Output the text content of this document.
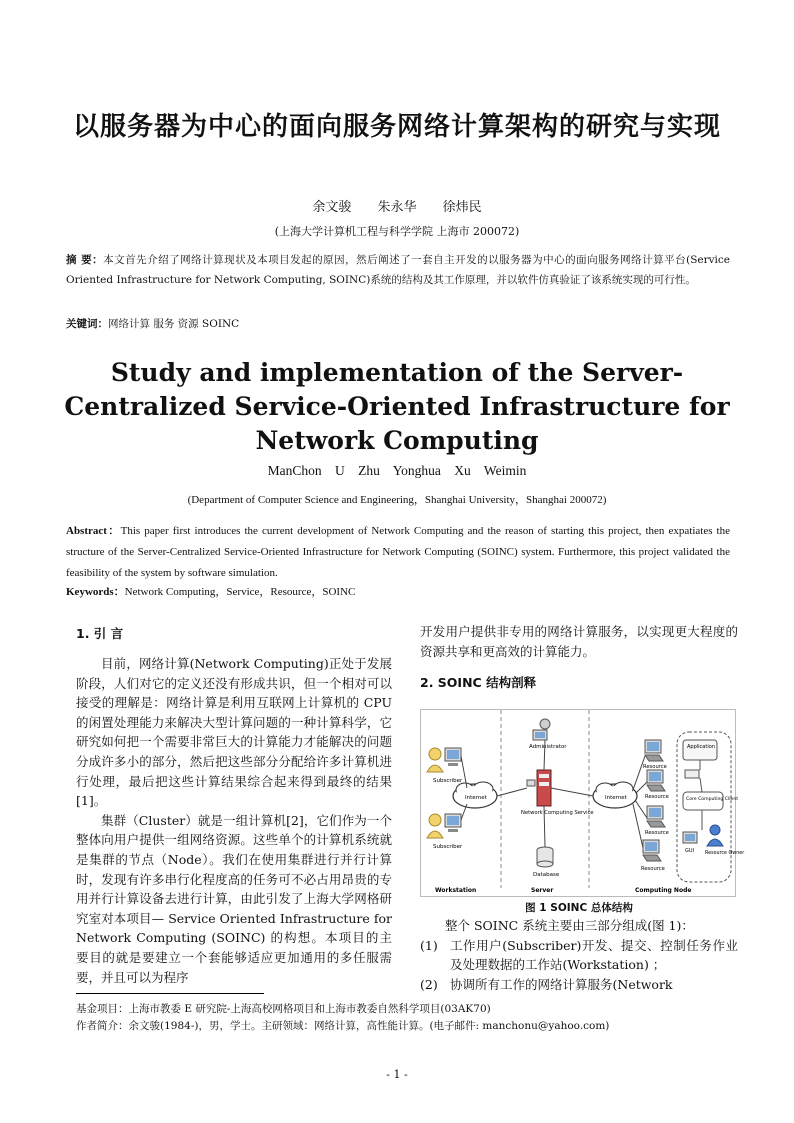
以服务器为中心的面向服务网络计算架构的研究与实现
余文骏 朱永华 徐炜民
(上海大学计算机工程与科学学院 上海市 200072)
摘 要：本文首先介绍了网络计算现状及本项目发起的原因，然后阐述了一套自主开发的以服务器为中心的面向服务网络计算平台(Service Oriented Infrastructure for Network Computing, SOINC)系统的结构及其工作原理，并以软件仿真验证了该系统实现的可行性。
关键词：网络计算 服务 资源 SOINC
Study and implementation of the Server-Centralized Service-Oriented Infrastructure for Network Computing
ManChon U Zhu Yonghua Xu Weimin
(Department of Computer Science and Engineering，Shanghai University，Shanghai 200072)
Abstract：This paper first introduces the current development of Network Computing and the reason of starting this project, then expatiates the structure of the Server-Centralized Service-Oriented Infrastructure for Network Computing (SOINC) system. Furthermore, this project validated the feasibility of the system by software simulation.
Keywords：Network Computing，Service，Resource，SOINC
1. 引 言

目前，网络计算(Network Computing)正处于发展阶段，人们对它的定义还没有形成共识，但一个相对可以接受的理解是：网络计算是利用互联网上计算机的 CPU 的闲置处理能力来解决大型计算问题的一种计算科学，它研究如何把一个需要非常巨大的计算能力才能解决的问题分成许多小的部分，然后把这些部分分配给许多计算机进行处理，最后把这些计算结果综合起来得到最终的结果[1]。

集群（Cluster）就是一组计算机[2]，它们作为一个整体向用户提供一组网络资源。这些单个的计算机系统就是集群的节点（Node）。我们在使用集群进行并行计算时，发现有许多串行化程度高的任务可不必占用昂贵的专用并行计算设备去进行计算，由此引发了上海大学网格研究室对本项目— Service Oriented Infrastructure for Network Computing (SOINC) 的构想。本项目的主要目的就是要建立一个套能够适应更加通用的多任服需要，并且可以为程序

开发用户提供非专用的网络计算服务，以实现更大程度的资源共享和更高效的计算能力。

2. SOINC 结构剖释
Subscriber
Subscriber
Internet
Administrator
Network Computing Service
Database
Internet
Resource
Resource
Resource
Resource
Application
Core Computing Client
GUI Resource Owner
Workstation	Server	Computing Node
图 1 SOINC 总体结构

整个 SOINC 系统主要由三部分组成(图 1)：

(1) 工作用户(Subscriber)开发、提交、控制任务作业及处理数据的工作站(Workstation) ；
(2) 协调所有工作的网络计算服务(Network
基金项目：上海市教委 E 研究院-上海高校网格项目和上海市教委自然科学项目(03AK70)
作者简介：余文骏(1984-)，男，学士。主研领域：网络计算，高性能计算。(电子邮件: manchonu@yahoo.com)
- 1 -
